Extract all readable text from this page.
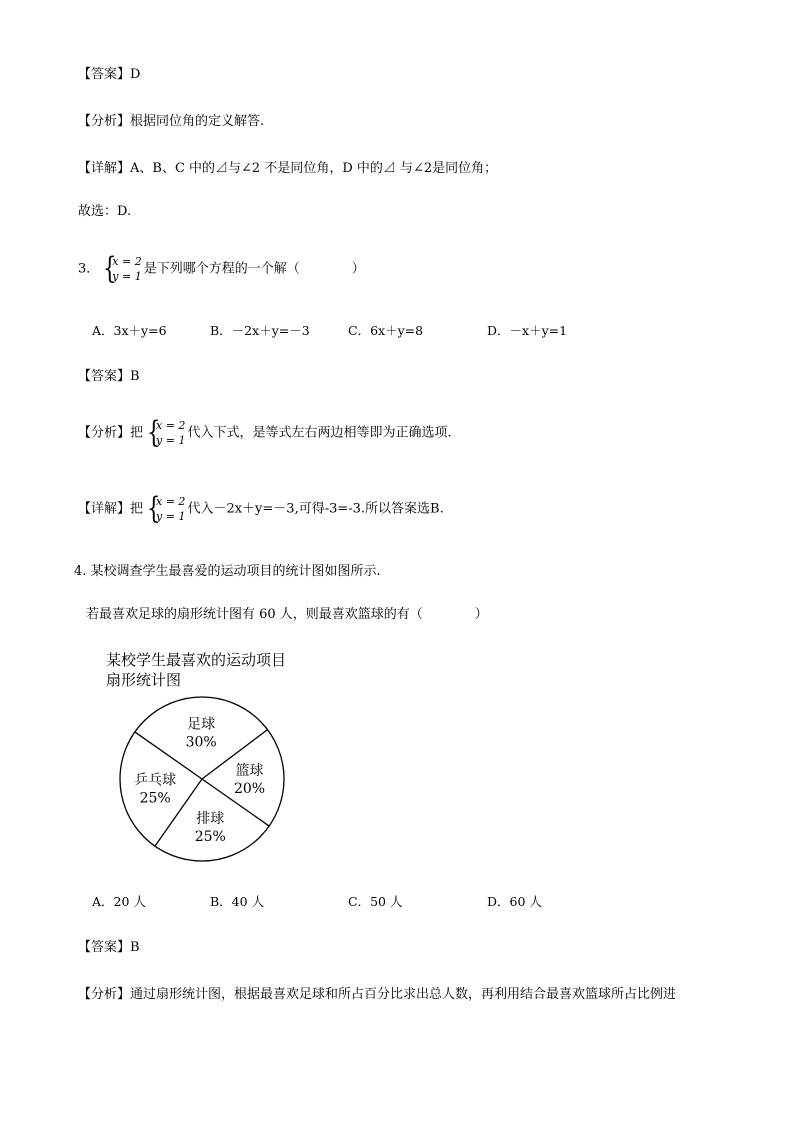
【答案】D
【分析】根据同位角的定义解答.
【详解】A、B、C 中的⊿与∠2 不是同位角，D 中的⊿ 与∠2是同位角；
故选：D.
3． {
x = 2
y = 1 是下列哪个方程的一个解（　　　　）
A．3x＋y=6	B．－2x＋y=－3	C．6x＋y=8	D．－x＋y=1
【答案】B
【分析】把 {
x = 2
y = 1 代入下式，是等式左右两边相等即为正确选项.
【详解】把 {
x = 2
y = 1 代入－2x＋y=－3,可得-3=-3.所以答案选B.
4. 某校调查学生最喜爱的运动项目的统计图如图所示.
若最喜欢足球的扇形统计图有 60 人，则最喜欢篮球的有（　　　　）
某校学生最喜欢的运动项目
扇形统计图
足球
30%
篮球
20%
排球
25%
乒乓球
25%
A．20 人	B．40 人	C．50 人	D．60 人
【答案】B
【分析】通过扇形统计图，根据最喜欢足球和所占百分比求出总人数，再利用结合最喜欢篮球所占比例进
